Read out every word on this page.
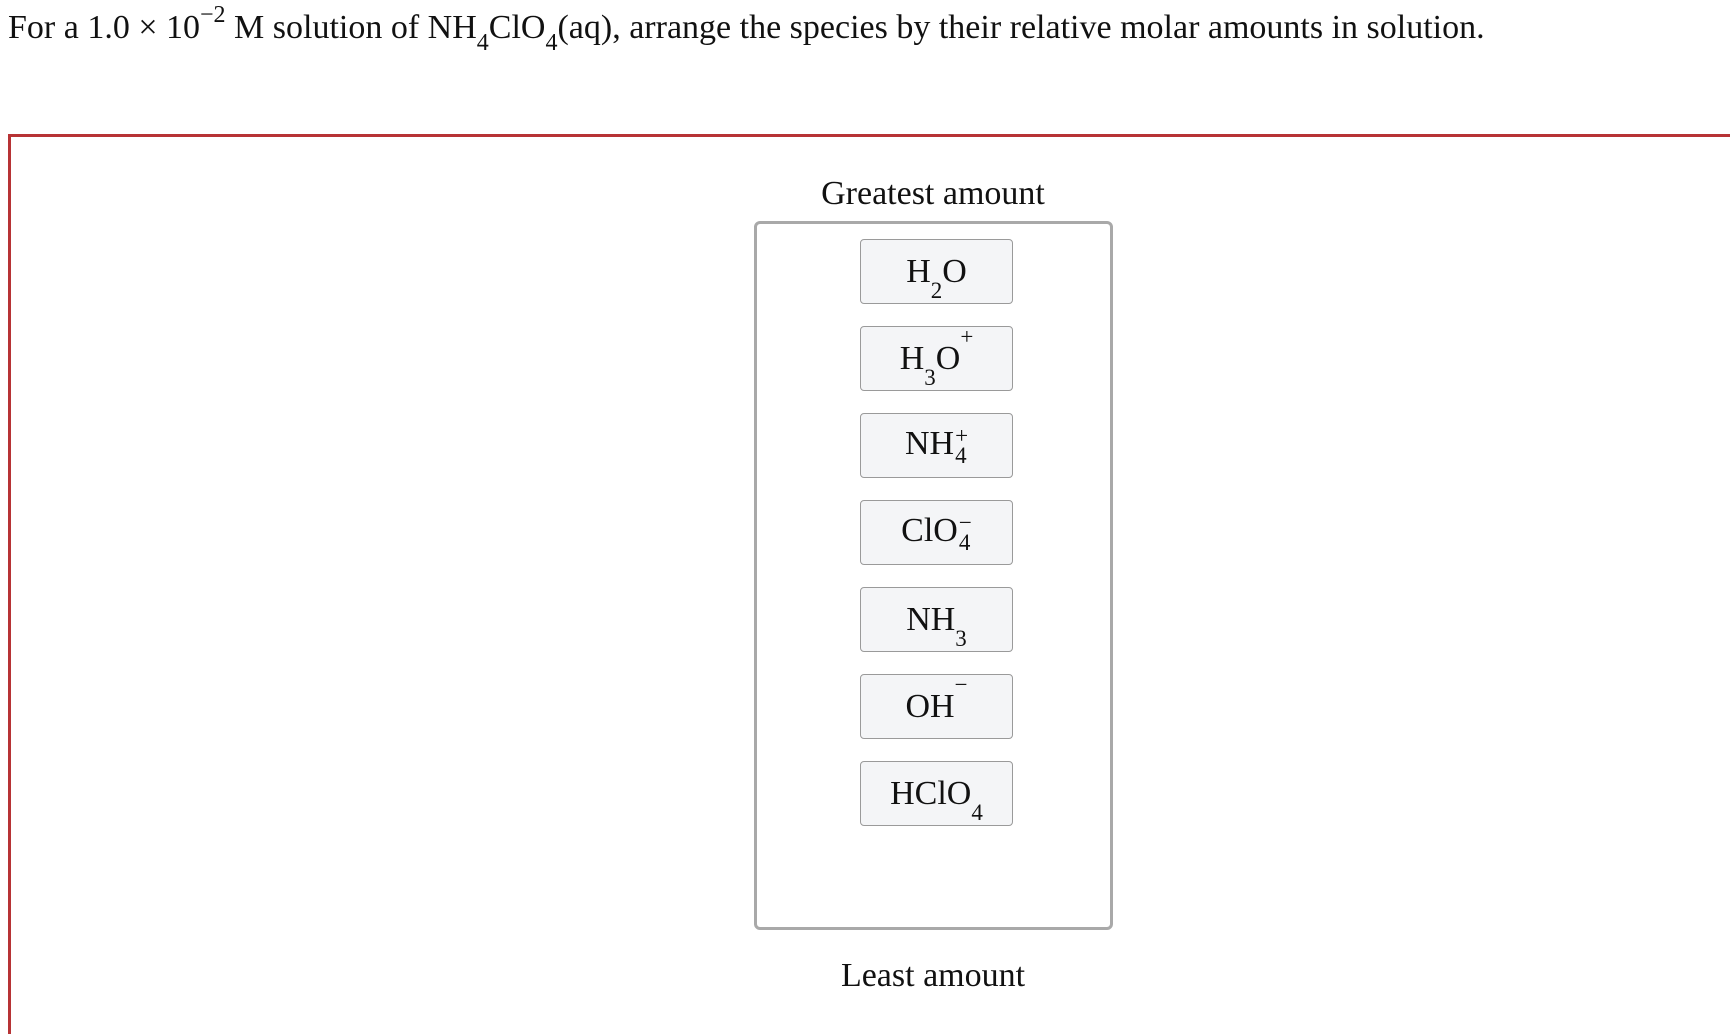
For a $1.0 \times 10^{-2}$ M solution of $NH_4ClO_4(aq)$, arrange the species by their relative molar amounts in solution.
Greatest amount
$H_2O$
$H_3O^+$
NH +
4
ClO −
4
$NH_3$
OH−
HClO$_4$
Least amount
